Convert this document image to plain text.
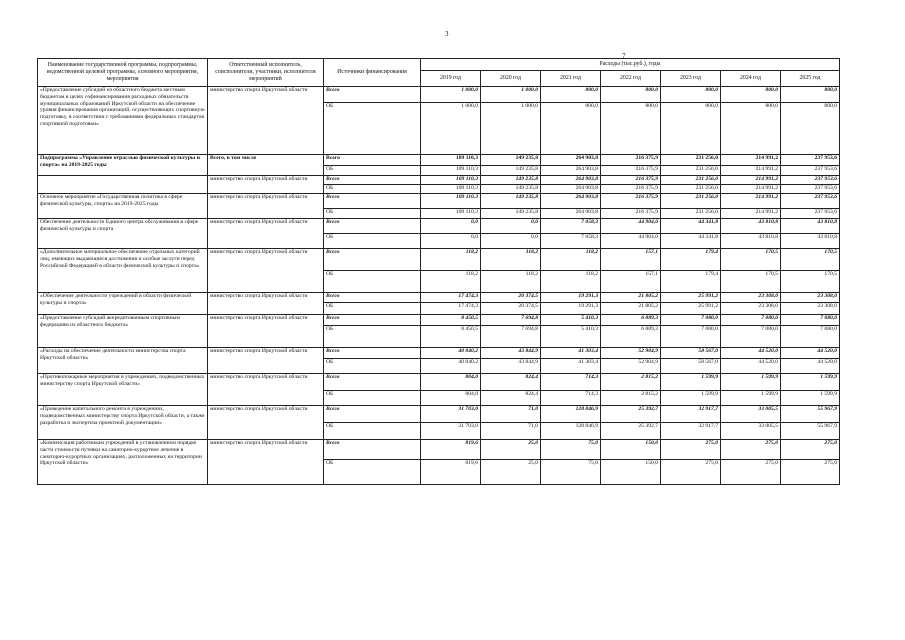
3
7
Наименование государственной программы, подпрограммы, ведомственной целевой программы, основного мероприятия, мероприятия	Ответственный исполнитель, соисполнители, участники, исполнители мероприятий	Источники финансирования	Расходы (тыс.руб.), годы						
			2019 год	2020 год	2021 год	2022 год	2023 год	2024 год	2025 год
«Предоставление субсидий из областного бюджета местным бюджетам в целях софинансирования расходных обязательств муниципальных образований Иркутской области на обеспечение уровня финансирования организаций, осуществляющих спортивную подготовку, в соответствии с требованиями федеральных стандартов спортивной подготовки»	министерство спорта Иркутской области	Всего	1 000,0	1 000,0	800,0	800,0	800,0	800,0	800,0
		ОБ	1 000,0	1 000,0	800,0	800,0	800,0	800,0	800,0
Подпрограмма «Управление отраслью физической культуры и спорта» на 2019-2025 годы	Всего, в том числе	Всего	109 110,3	149 235,8	264 903,8	216 375,9	231 256,0	214 991,2	237 953,6
		ОБ	109 110,3	149 235,8	264 903,8	216 375,9	231 256,0	214 991,2	237 953,6
	министерство спорта Иркутской области	Всего	109 110,3	149 235,8	264 903,8	216 375,9	231 256,0	214 991,2	237 953,6
		ОБ	109 110,3	149 235,8	264 903,8	216 375,9	231 256,0	214 991,2	237 953,6
Основное мероприятие «Государственная политика в сфере физической культуры, спорта» на 2019-2025 годы	министерство спорта Иркутской области	Всего	109 110,3	149 235,8	264 903,8	216 375,9	231 256,0	214 991,2	237 953,6
		ОБ	109 110,3	149 235,8	264 903,8	216 375,9	231 256,0	214 991,2	237 953,6
Обеспечение деятельности Единого центра обслуживания в сфере физической культуры и спорта	министерство спорта Иркутской области	Всего	0,0	0,0	7 058,3	44 904,0	44 341,8	43 810,8	43 810,8
		ОБ	0,0	0,0	7 058,3	44 904,0	44 341,8	43 810,8	43 810,8
«Дополнительное материальное обеспечение отдельных категорий лиц, имеющих выдающиеся достижения и особые заслуги перед Российской Федерацией в области физической культуры и спорта»	министерство спорта Иркутской области	Всего	118,2	118,2	118,2	157,1	179,4	170,5	170,5
		ОБ	118,2	118,2	118,2	157,1	179,4	170,5	170,5
«Обеспечение деятельности учреждений в области физической культуры и спорта»	министерство спорта Иркутской области	Всего	17 474,3	20 374,5	19 291,3	21 805,2	25 991,2	23 308,0	23 308,0
		ОБ	17 474,3	20 374,5	19 291,3	21 805,2	25 991,2	23 308,0	23 308,0
«Предоставление субсидий аккредитованным спортивным федерациям из областного бюджета»	министерство спорта Иркутской области	Всего	8 450,5	7 694,8	5 410,3	6 889,3	7 080,0	7 080,0	7 080,0
		ОБ	8 450,5	7 694,8	5 410,3	6 889,3	7 080,0	7 080,0	7 080,0
«Расходы на обеспечение деятельности министерства спорта Иркутской области»	министерство спорта Иркутской области	Всего	40 040,2	43 844,9	41 303,4	52 904,9	58 567,0	44 520,0	44 520,0
		ОБ	40 040,2	43 844,9	41 303,4	52 904,9	58 567,0	44 520,0	44 520,0
«Противопожарные мероприятия в учреждениях, подведомственных министерству спорта Иркутской области»	министерство спорта Иркутской области	Всего	804,0	824,4	714,3	2 815,2	1 599,9	1 599,9	1 599,9
		ОБ	804,0	824,4	714,3	2 815,2	1 599,9	1 599,9	1 599,9
«Проведение капитального ремонта в учреждениях, подведомственных министерству спорта Иркутской области, а также разработка и экспертиза проектной документации»	министерство спорта Иркутской области	Всего	31 703,0	71,0	128 846,9	25 392,7	32 917,7	33 005,5	55 967,9
		ОБ	31 703,0	71,0	128 846,9	25 392,7	32 917,7	33 005,5	55 967,9
«Компенсация работникам учреждений в установленном порядке части стоимости путевки на санаторно-курортное лечение в санаторно-курортных организациях, расположенных на территории Иркутской области»	министерство спорта Иркутской области	Всего	819,6	25,0	75,0	150,0	275,0	275,0	275,0
		ОБ	819,6	25,0	75,0	150,0	275,0	275,0	275,0
